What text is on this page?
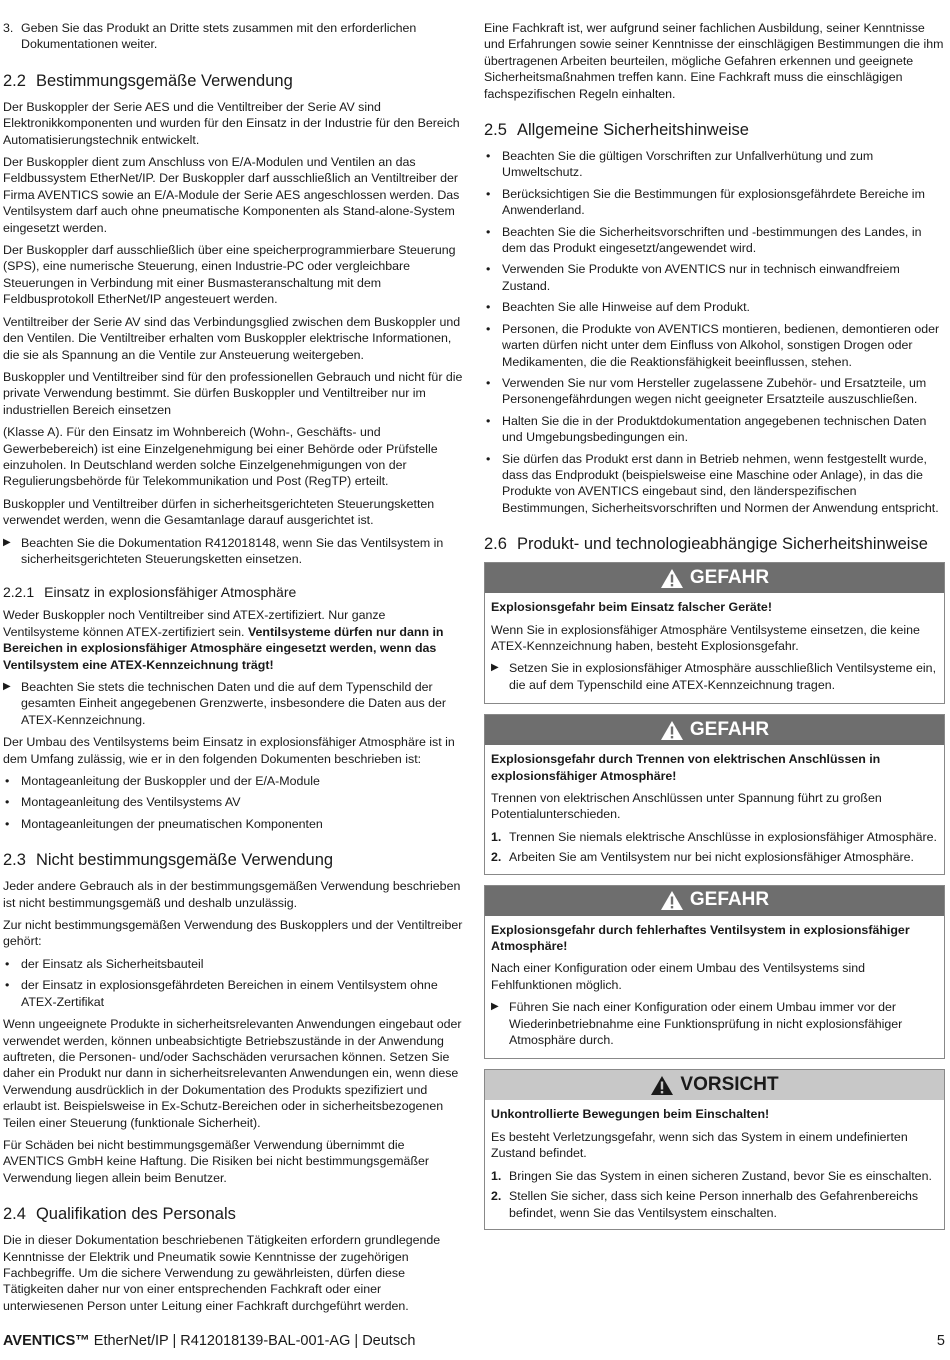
3. Geben Sie das Produkt an Dritte stets zusammen mit den erforderlichen Dokumentationen weiter.
2.2 Bestimmungsgemäße Verwendung

Der Buskoppler der Serie AES und die Ventiltreiber der Serie AV sind Elektronikkomponenten und wurden für den Einsatz in der Industrie für den Bereich Automatisierungstechnik entwickelt.

Der Buskoppler dient zum Anschluss von E/A-Modulen und Ventilen an das Feldbussystem EtherNet/IP. Der Buskoppler darf ausschließlich an Ventiltreiber der Firma AVENTICS sowie an E/A-Module der Serie AES angeschlossen werden. Das Ventilsystem darf auch ohne pneumatische Komponenten als Stand-alone-System eingesetzt werden.

Der Buskoppler darf ausschließlich über eine speicherprogrammierbare Steuerung (SPS), eine numerische Steuerung, einen Industrie-PC oder vergleichbare Steuerungen in Verbindung mit einer Busmasteranschaltung mit dem Feldbusprotokoll EtherNet/IP angesteuert werden.

Ventiltreiber der Serie AV sind das Verbindungsglied zwischen dem Buskoppler und den Ventilen. Die Ventiltreiber erhalten vom Buskoppler elektrische Informationen, die sie als Spannung an die Ventile zur Ansteuerung weitergeben.

Buskoppler und Ventiltreiber sind für den professionellen Gebrauch und nicht für die private Verwendung bestimmt. Sie dürfen Buskoppler und Ventiltreiber nur im industriellen Bereich einsetzen

(Klasse A). Für den Einsatz im Wohnbereich (Wohn-, Geschäfts- und Gewerbebereich) ist eine Einzelgenehmigung bei einer Behörde oder Prüfstelle einzuholen. In Deutschland werden solche Einzelgenehmigungen von der Regulierungsbehörde für Telekommunikation und Post (RegTP) erteilt.

Buskoppler und Ventiltreiber dürfen in sicherheitsgerichteten Steuerungsketten verwendet werden, wenn die Gesamtanlage darauf ausgerichtet ist.

▶ Beachten Sie die Dokumentation R412018148, wenn Sie das Ventilsystem in sicherheitsgerichteten Steuerungsketten einsetzen.
2.2.1 Einsatz in explosionsfähiger Atmosphäre

Weder Buskoppler noch Ventiltreiber sind ATEX-zertifiziert. Nur ganze Ventilsysteme können ATEX-zertifiziert sein. Ventilsysteme dürfen nur dann in Bereichen in explosionsfähiger Atmosphäre eingesetzt werden, wenn das Ventilsystem eine ATEX-Kennzeichnung trägt!

▶ Beachten Sie stets die technischen Daten und die auf dem Typenschild der gesamten Einheit angegebenen Grenzwerte, insbesondere die Daten aus der ATEX-Kennzeichnung.

Der Umbau des Ventilsystems beim Einsatz in explosionsfähiger Atmosphäre ist in dem Umfang zulässig, wie er in den folgenden Dokumenten beschrieben ist:

• Montageanleitung der Buskoppler und der E/A-Module
• Montageanleitung des Ventilsystems AV
• Montageanleitungen der pneumatischen Komponenten
2.3 Nicht bestimmungsgemäße Verwendung

Jeder andere Gebrauch als in der bestimmungsgemäßen Verwendung beschrieben ist nicht bestimmungsgemäß und deshalb unzulässig.

Zur nicht bestimmungsgemäßen Verwendung des Buskopplers und der Ventiltreiber gehört:

• der Einsatz als Sicherheitsbauteil
• der Einsatz in explosionsgefährdeten Bereichen in einem Ventilsystem ohne ATEX-Zertifikat

Wenn ungeeignete Produkte in sicherheitsrelevanten Anwendungen eingebaut oder verwendet werden, können unbeabsichtigte Betriebszustände in der Anwendung auftreten, die Personen- und/oder Sachschäden verursachen können. Setzen Sie daher ein Produkt nur dann in sicherheitsrelevanten Anwendungen ein, wenn diese Verwendung ausdrücklich in der Dokumentation des Produkts spezifiziert und erlaubt ist. Beispielsweise in Ex-Schutz-Bereichen oder in sicherheitsbezogenen Teilen einer Steuerung (funktionale Sicherheit).

Für Schäden bei nicht bestimmungsgemäßer Verwendung übernimmt die AVENTICS GmbH keine Haftung. Die Risiken bei nicht bestimmungsgemäßer Verwendung liegen allein beim Benutzer.

2.4 Qualifikation des Personals

Die in dieser Dokumentation beschriebenen Tätigkeiten erfordern grundlegende Kenntnisse der Elektrik und Pneumatik sowie Kenntnisse der zugehörigen Fachbegriffe. Um die sichere Verwendung zu gewährleisten, dürfen diese Tätigkeiten daher nur von einer entsprechenden Fachkraft oder einer unterwiesenen Person unter Leitung einer Fachkraft durchgeführt werden.

Eine Fachkraft ist, wer aufgrund seiner fachlichen Ausbildung, seiner Kenntnisse und Erfahrungen sowie seiner Kenntnisse der einschlägigen Bestimmungen die ihm übertragenen Arbeiten beurteilen, mögliche Gefahren erkennen und geeignete Sicherheitsmaßnahmen treffen kann. Eine Fachkraft muss die einschlägigen fachspezifischen Regeln einhalten.

2.5 Allgemeine Sicherheitshinweise
• Beachten Sie die gültigen Vorschriften zur Unfallverhütung und zum Umweltschutz.
• Berücksichtigen Sie die Bestimmungen für explosionsgefährdete Bereiche im Anwenderland.
• Beachten Sie die Sicherheitsvorschriften und -bestimmungen des Landes, in dem das Produkt eingesetzt/angewendet wird.
• Verwenden Sie Produkte von AVENTICS nur in technisch einwandfreiem Zustand.
• Beachten Sie alle Hinweise auf dem Produkt.
• Personen, die Produkte von AVENTICS montieren, bedienen, demontieren oder warten dürfen nicht unter dem Einfluss von Alkohol, sonstigen Drogen oder Medikamenten, die die Reaktionsfähigkeit beeinflussen, stehen.
• Verwenden Sie nur vom Hersteller zugelassene Zubehör- und Ersatzteile, um Personengefährdungen wegen nicht geeigneter Ersatzteile auszuschließen.
• Halten Sie die in der Produktdokumentation angegebenen technischen Daten und Umgebungsbedingungen ein.
• Sie dürfen das Produkt erst dann in Betrieb nehmen, wenn festgestellt wurde, dass das Endprodukt (beispielsweise eine Maschine oder Anlage), in das die Produkte von AVENTICS eingebaut sind, den länderspezifischen Bestimmungen, Sicherheitsvorschriften und Normen der Anwendung entspricht.
2.6 Produkt- und technologieabhängige Sicherheitshinweise
GEFAHR
Explosionsgefahr beim Einsatz falscher Geräte!

Wenn Sie in explosionsfähiger Atmosphäre Ventilsysteme einsetzen, die keine ATEX-Kennzeichnung haben, besteht Explosionsgefahr.

▶ Setzen Sie in explosionsfähiger Atmosphäre ausschließlich Ventilsysteme ein, die auf dem Typenschild eine ATEX-Kennzeichnung tragen.
GEFAHR
Explosionsgefahr durch Trennen von elektrischen Anschlüssen in explosionsfähiger Atmosphäre!

Trennen von elektrischen Anschlüssen unter Spannung führt zu großen Potentialunterschieden.

1. Trennen Sie niemals elektrische Anschlüsse in explosionsfähiger Atmosphäre.
2. Arbeiten Sie am Ventilsystem nur bei nicht explosionsfähiger Atmosphäre.
GEFAHR
Explosionsgefahr durch fehlerhaftes Ventilsystem in explosionsfähiger Atmosphäre!

Nach einer Konfiguration oder einem Umbau des Ventilsystems sind Fehlfunktionen möglich.

▶ Führen Sie nach einer Konfiguration oder einem Umbau immer vor der Wiederinbetriebnahme eine Funktionsprüfung in nicht explosionsfähiger Atmosphäre durch.
VORSICHT
Unkontrollierte Bewegungen beim Einschalten!

Es besteht Verletzungsgefahr, wenn sich das System in einem undefinierten Zustand befindet.

1. Bringen Sie das System in einen sicheren Zustand, bevor Sie es einschalten.
2. Stellen Sie sicher, dass sich keine Person innerhalb des Gefahrenbereichs befindet, wenn Sie das Ventilsystem einschalten.
AVENTICS™ EtherNet/IP | R412018139-BAL-001-AG | Deutsch	5
